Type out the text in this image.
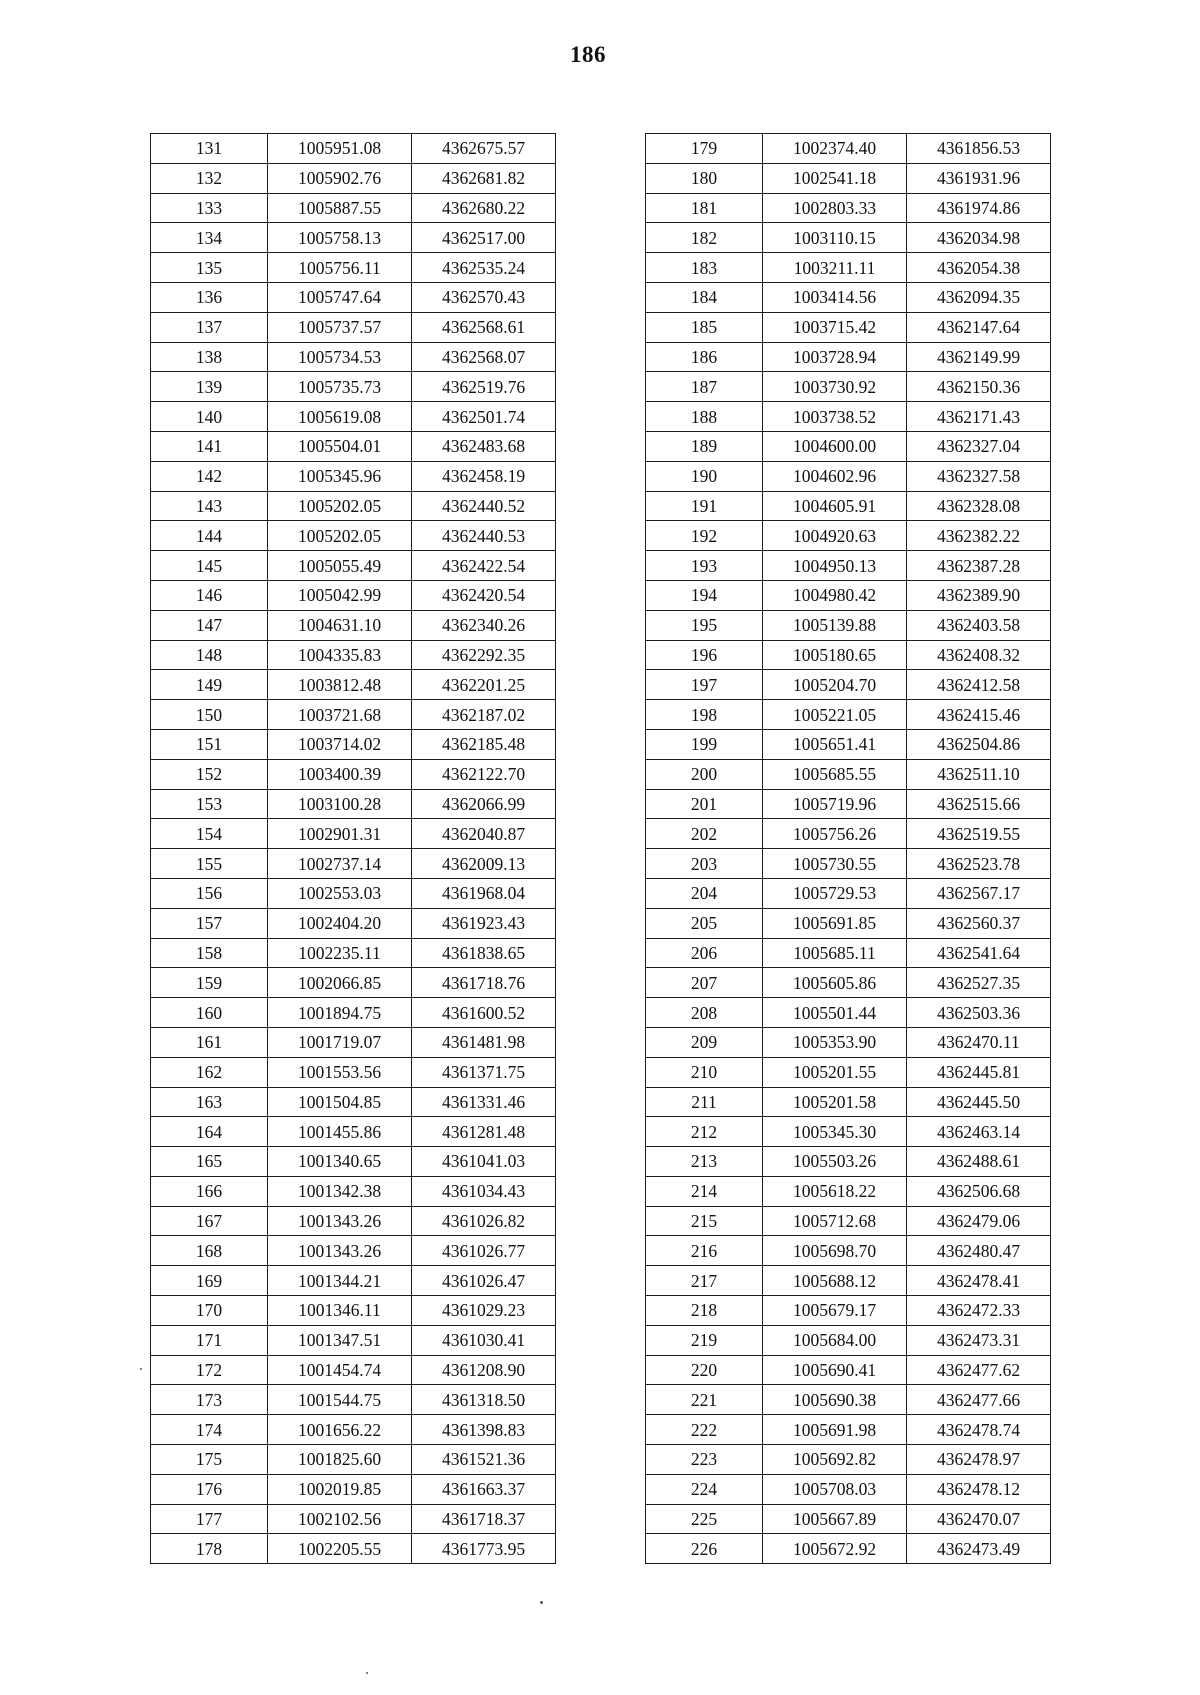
186
131	1005951.08	4362675.57
132	1005902.76	4362681.82
133	1005887.55	4362680.22
134	1005758.13	4362517.00
135	1005756.11	4362535.24
136	1005747.64	4362570.43
137	1005737.57	4362568.61
138	1005734.53	4362568.07
139	1005735.73	4362519.76
140	1005619.08	4362501.74
141	1005504.01	4362483.68
142	1005345.96	4362458.19
143	1005202.05	4362440.52
144	1005202.05	4362440.53
145	1005055.49	4362422.54
146	1005042.99	4362420.54
147	1004631.10	4362340.26
148	1004335.83	4362292.35
149	1003812.48	4362201.25
150	1003721.68	4362187.02
151	1003714.02	4362185.48
152	1003400.39	4362122.70
153	1003100.28	4362066.99
154	1002901.31	4362040.87
155	1002737.14	4362009.13
156	1002553.03	4361968.04
157	1002404.20	4361923.43
158	1002235.11	4361838.65
159	1002066.85	4361718.76
160	1001894.75	4361600.52
161	1001719.07	4361481.98
162	1001553.56	4361371.75
163	1001504.85	4361331.46
164	1001455.86	4361281.48
165	1001340.65	4361041.03
166	1001342.38	4361034.43
167	1001343.26	4361026.82
168	1001343.26	4361026.77
169	1001344.21	4361026.47
170	1001346.11	4361029.23
171	1001347.51	4361030.41
172	1001454.74	4361208.90
173	1001544.75	4361318.50
174	1001656.22	4361398.83
175	1001825.60	4361521.36
176	1002019.85	4361663.37
177	1002102.56	4361718.37
178	1002205.55	4361773.95
179	1002374.40	4361856.53
180	1002541.18	4361931.96
181	1002803.33	4361974.86
182	1003110.15	4362034.98
183	1003211.11	4362054.38
184	1003414.56	4362094.35
185	1003715.42	4362147.64
186	1003728.94	4362149.99
187	1003730.92	4362150.36
188	1003738.52	4362171.43
189	1004600.00	4362327.04
190	1004602.96	4362327.58
191	1004605.91	4362328.08
192	1004920.63	4362382.22
193	1004950.13	4362387.28
194	1004980.42	4362389.90
195	1005139.88	4362403.58
196	1005180.65	4362408.32
197	1005204.70	4362412.58
198	1005221.05	4362415.46
199	1005651.41	4362504.86
200	1005685.55	4362511.10
201	1005719.96	4362515.66
202	1005756.26	4362519.55
203	1005730.55	4362523.78
204	1005729.53	4362567.17
205	1005691.85	4362560.37
206	1005685.11	4362541.64
207	1005605.86	4362527.35
208	1005501.44	4362503.36
209	1005353.90	4362470.11
210	1005201.55	4362445.81
211	1005201.58	4362445.50
212	1005345.30	4362463.14
213	1005503.26	4362488.61
214	1005618.22	4362506.68
215	1005712.68	4362479.06
216	1005698.70	4362480.47
217	1005688.12	4362478.41
218	1005679.17	4362472.33
219	1005684.00	4362473.31
220	1005690.41	4362477.62
221	1005690.38	4362477.66
222	1005691.98	4362478.74
223	1005692.82	4362478.97
224	1005708.03	4362478.12
225	1005667.89	4362470.07
226	1005672.92	4362473.49
